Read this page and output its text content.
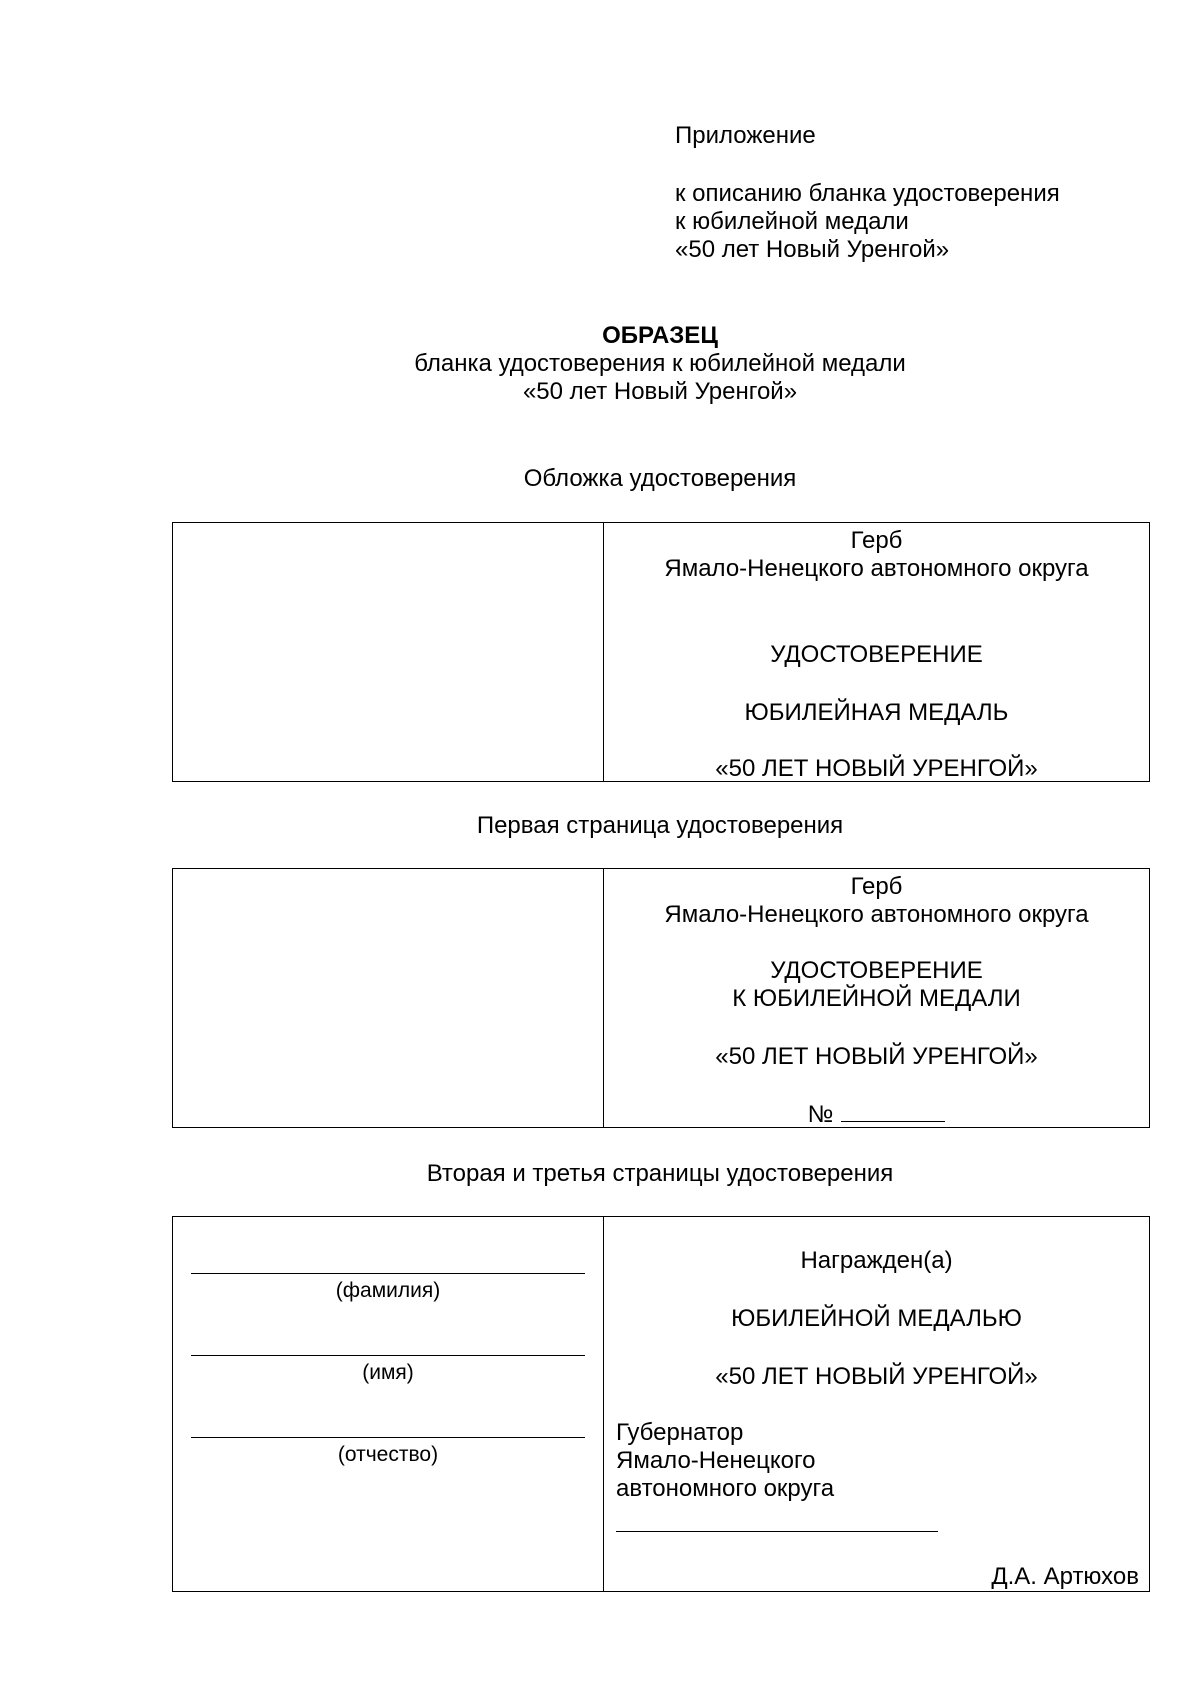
Приложение
к описанию бланка удостоверения
к юбилейной медали
«50 лет Новый Уренгой»
ОБРАЗЕЦ
бланка удостоверения к юбилейной медали
«50 лет Новый Уренгой»
Обложка удостоверения
Герб
Ямало-Ненецкого автономного округа
УДОСТОВЕРЕНИЕ
ЮБИЛЕЙНАЯ МЕДАЛЬ
«50 ЛЕТ НОВЫЙ УРЕНГОЙ»
Первая страница удостоверения
Герб
Ямало-Ненецкого автономного округа
УДОСТОВЕРЕНИЕ
К ЮБИЛЕЙНОЙ МЕДАЛИ
«50 ЛЕТ НОВЫЙ УРЕНГОЙ»
№
Вторая и третья страницы удостоверения
(фамилия)
(имя)
(отчество)
Награжден(а)
ЮБИЛЕЙНОЙ МЕДАЛЬЮ
«50 ЛЕТ НОВЫЙ УРЕНГОЙ»
Губернатор
Ямало-Ненецкого
автономного округа
Д.А. Артюхов
